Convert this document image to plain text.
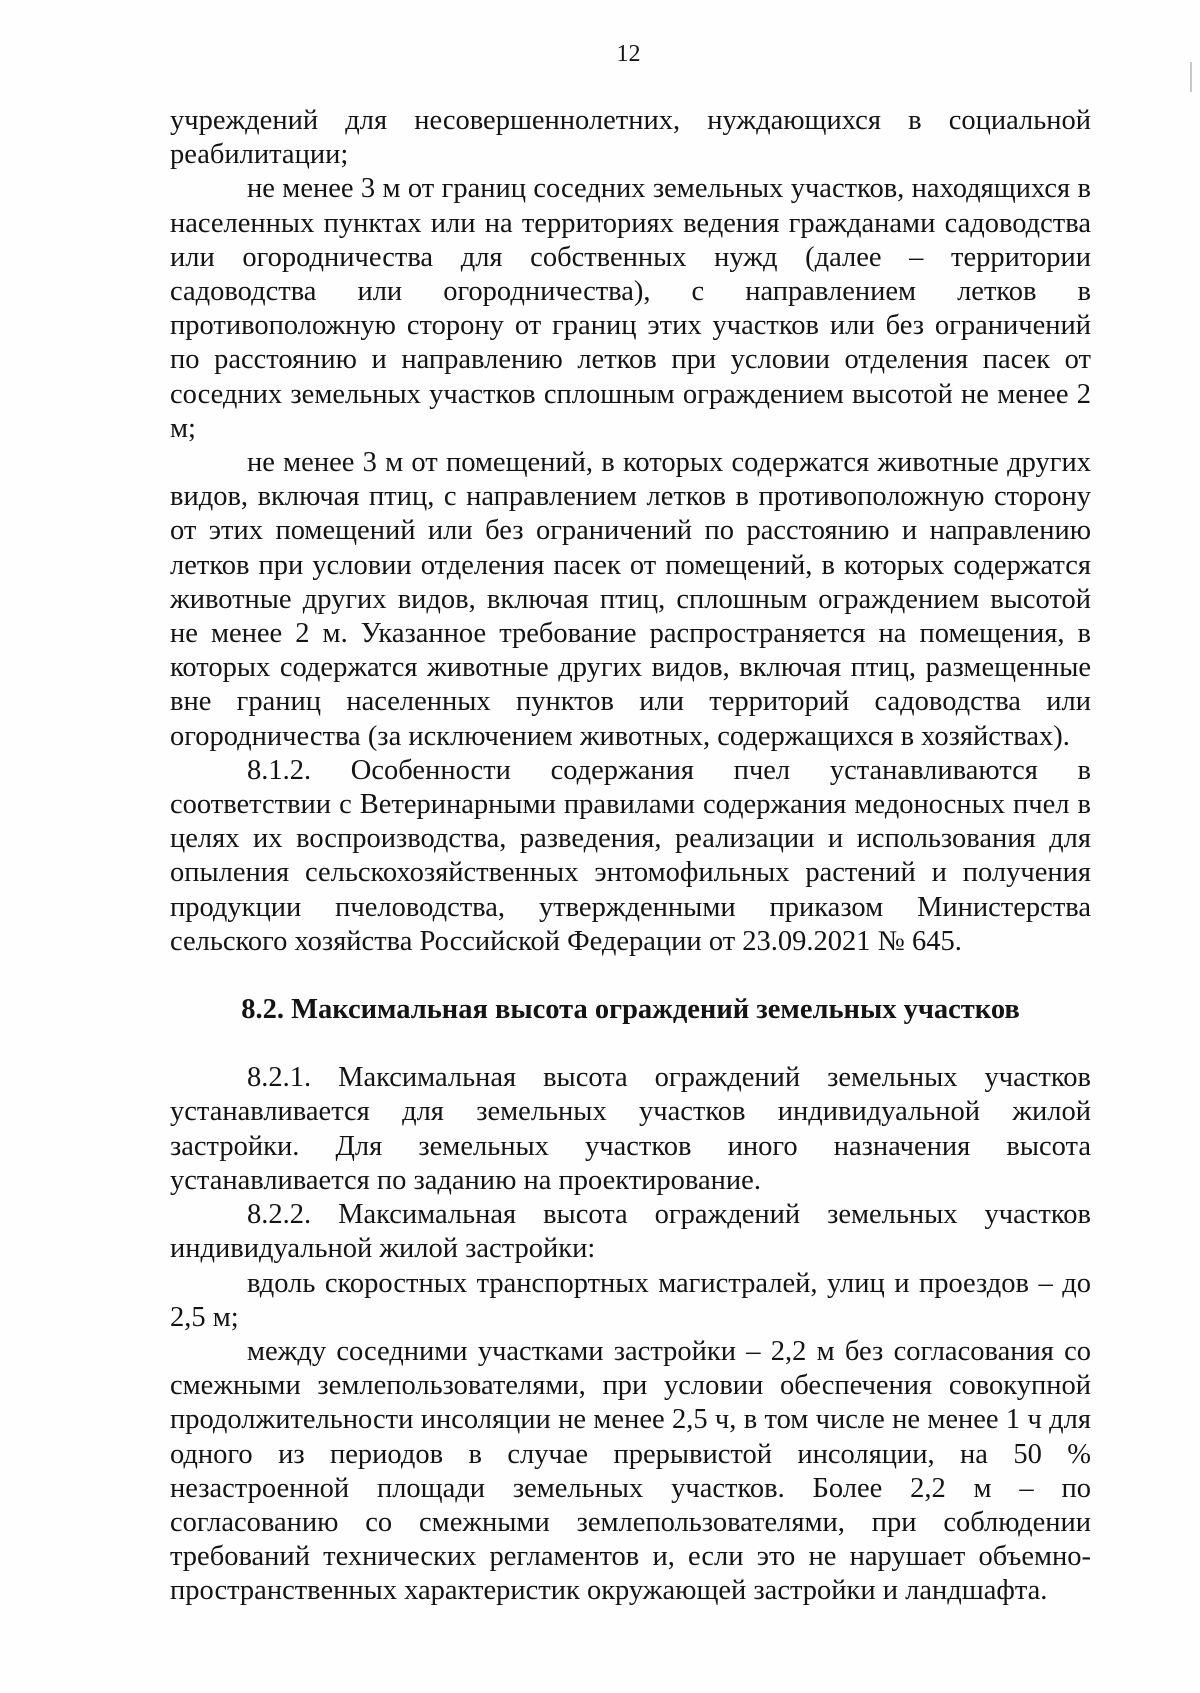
12

учреждений для несовершеннолетних, нуждающихся в социальной реабилитации;

не менее 3 м от границ соседних земельных участков, находящихся в населенных пунктах или на территориях ведения гражданами садоводства или огородничества для собственных нужд (далее – территории садоводства или огородничества), с направлением летков в противоположную сторону от границ этих участков или без ограничений по расстоянию и направлению летков при условии отделения пасек от соседних земельных участков сплошным ограждением высотой не менее 2 м;

не менее 3 м от помещений, в которых содержатся животные других видов, включая птиц, с направлением летков в противоположную сторону от этих помещений или без ограничений по расстоянию и направлению летков при условии отделения пасек от помещений, в которых содержатся животные других видов, включая птиц, сплошным ограждением высотой не менее 2 м. Указанное требование распространяется на помещения, в которых содержатся животные других видов, включая птиц, размещенные вне границ населенных пунктов или территорий садоводства или огородничества (за исключением животных, содержащихся в хозяйствах).

8.1.2. Особенности содержания пчел устанавливаются в соответствии с Ветеринарными правилами содержания медоносных пчел в целях их воспроизводства, разведения, реализации и использования для опыления сельскохозяйственных энтомофильных растений и получения продукции пчеловодства, утвержденными приказом Министерства сельского хозяйства Российской Федерации от 23.09.2021 № 645.

8.2. Максимальная высота ограждений земельных участков

8.2.1. Максимальная высота ограждений земельных участков устанавливается для земельных участков индивидуальной жилой застройки. Для земельных участков иного назначения высота устанавливается по заданию на проектирование.

8.2.2. Максимальная высота ограждений земельных участков индивидуальной жилой застройки:

вдоль скоростных транспортных магистралей, улиц и проездов – до 2,5 м;

между соседними участками застройки – 2,2 м без согласования со смежными землепользователями, при условии обеспечения совокупной продолжительности инсоляции не менее 2,5 ч, в том числе не менее 1 ч для одного из периодов в случае прерывистой инсоляции, на 50 % незастроенной площади земельных участков. Более 2,2 м – по согласованию со смежными землепользователями, при соблюдении требований технических регламентов и, если это не нарушает объемно-пространственных характеристик окружающей застройки и ландшафта.
